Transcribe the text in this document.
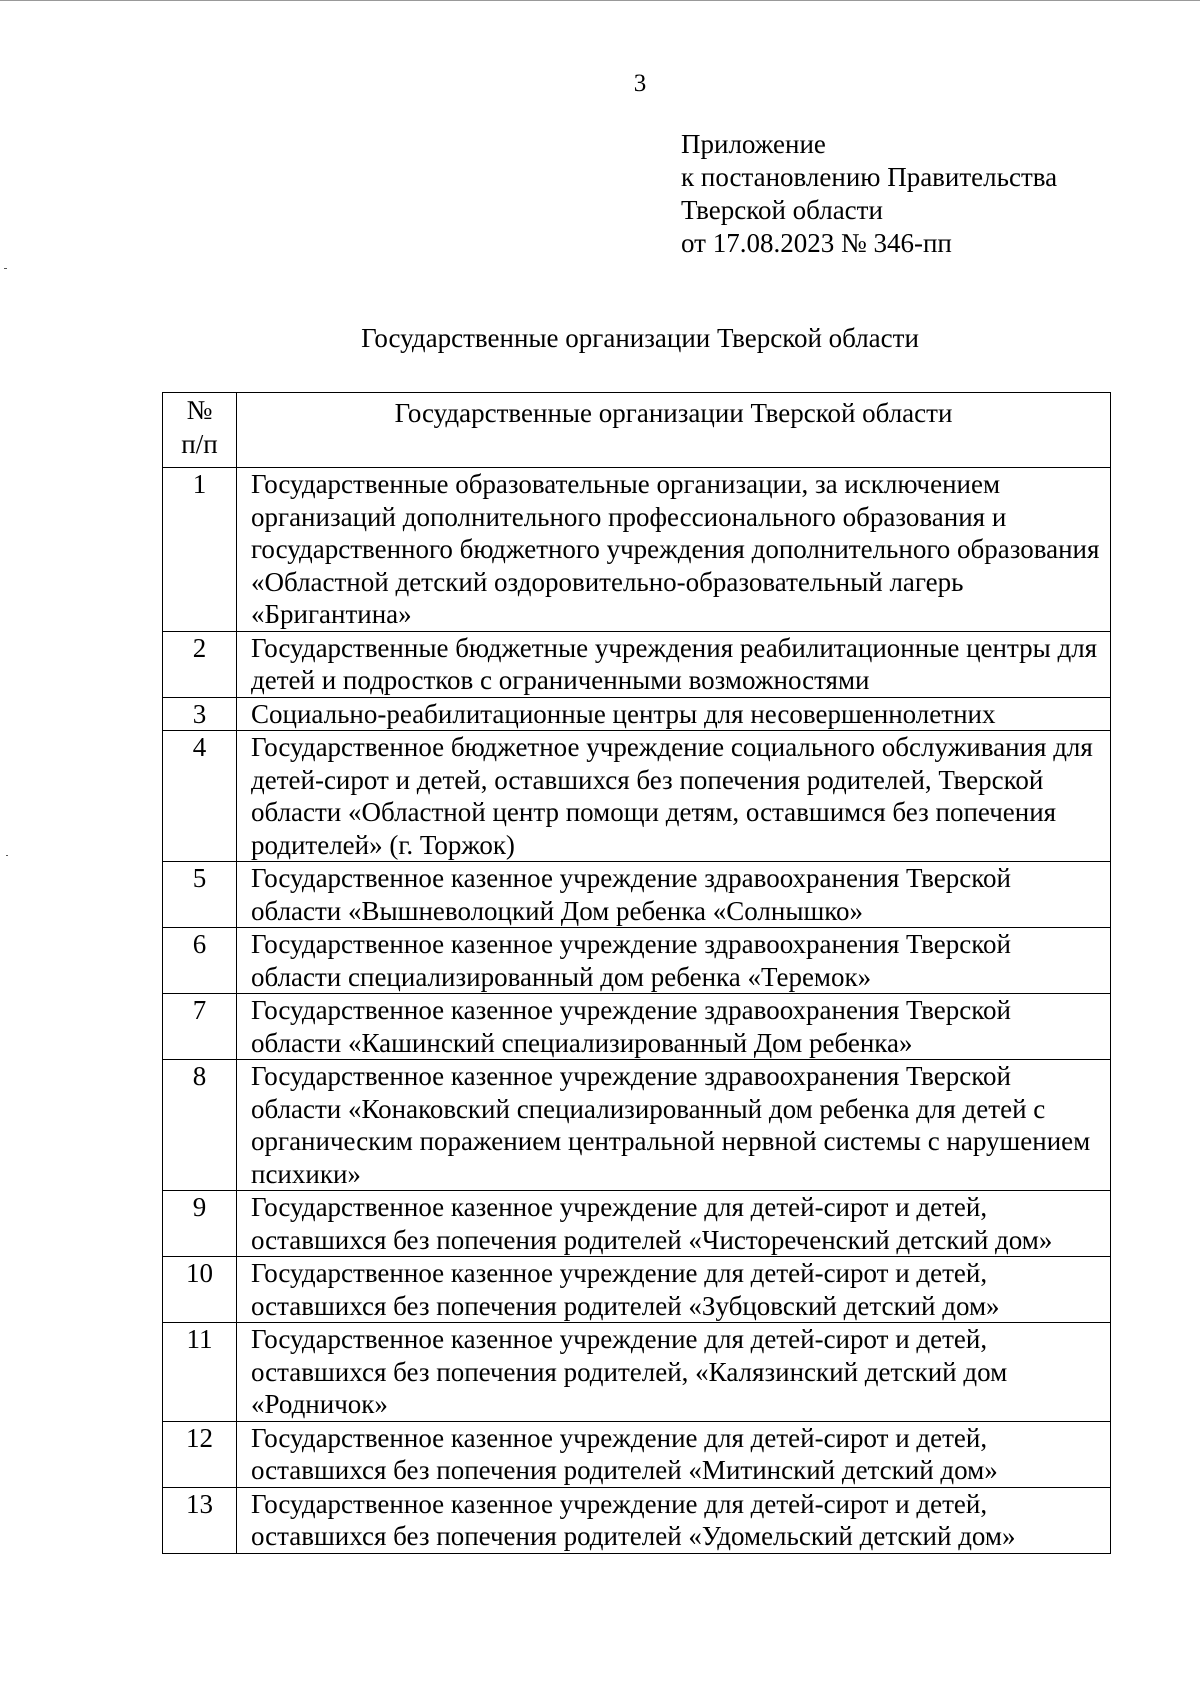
3
Приложение
к постановлению Правительства
Тверской области
от 17.08.2023 № 346-пп
Государственные организации Тверской области
№
п/п	Государственные организации Тверской области
1	Государственные образовательные организации, за исключением организаций дополнительного профессионального образования и государственного бюджетного учреждения дополнительного образования «Областной детский оздоровительно-образовательный лагерь «Бригантина»
2	Государственные бюджетные учреждения реабилитационные центры для детей и подростков с ограниченными возможностями
3	Социально-реабилитационные центры для несовершеннолетних
4	Государственное бюджетное учреждение социального обслуживания для детей-сирот и детей, оставшихся без попечения родителей, Тверской области «Областной центр помощи детям, оставшимся без попечения родителей» (г. Торжок)
5	Государственное казенное учреждение здравоохранения Тверской области «Вышневолоцкий Дом ребенка «Солнышко»
6	Государственное казенное учреждение здравоохранения Тверской области специализированный дом ребенка «Теремок»
7	Государственное казенное учреждение здравоохранения Тверской области «Кашинский специализированный Дом ребенка»
8	Государственное казенное учреждение здравоохранения Тверской области «Конаковский специализированный дом ребенка для детей с органическим поражением центральной нервной системы с нарушением психики»
9	Государственное казенное учреждение для детей-сирот и детей, оставшихся без попечения родителей «Чистореченский детский дом»
10	Государственное казенное учреждение для детей-сирот и детей, оставшихся без попечения родителей «Зубцовский детский дом»
11	Государственное казенное учреждение для детей-сирот и детей, оставшихся без попечения родителей, «Калязинский детский дом «Родничок»
12	Государственное казенное учреждение для детей-сирот и детей, оставшихся без попечения родителей «Митинский детский дом»
13	Государственное казенное учреждение для детей-сирот и детей, оставшихся без попечения родителей «Удомельский детский дом»
